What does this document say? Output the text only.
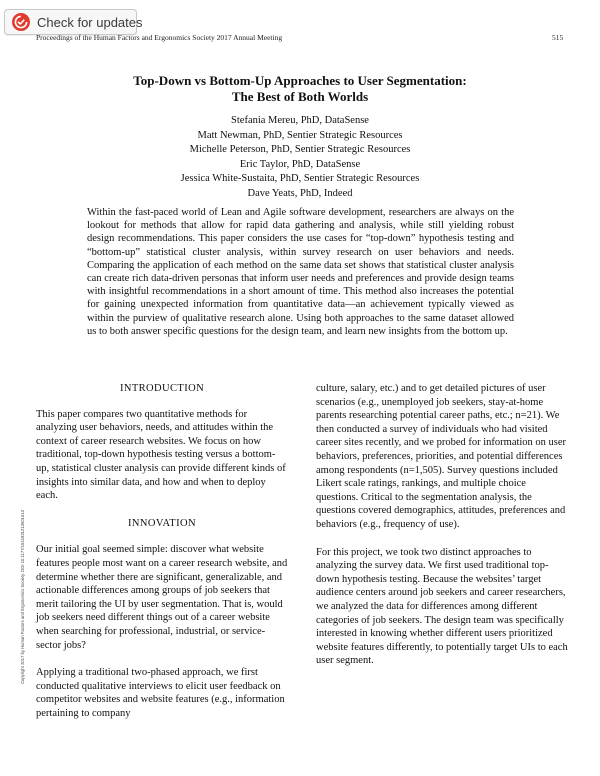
Check for updates
Proceedings of the Human Factors and Ergonomics Society 2017 Annual Meeting	515
Top-Down vs Bottom-Up Approaches to User Segmentation:
The Best of Both Worlds
Stefania Mereu, PhD, DataSense
Matt Newman, PhD, Sentier Strategic Resources
Michelle Peterson, PhD, Sentier Strategic Resources
Eric Taylor, PhD, DataSense
Jessica White-Sustaita, PhD, Sentier Strategic Resources
Dave Yeats, PhD, Indeed
Within the fast-paced world of Lean and Agile software development, researchers are always on the lookout for methods that allow for rapid data gathering and analysis, while still yielding robust design recommendations. This paper considers the use cases for “top-down” hypothesis testing and “bottom-up” statistical cluster analysis, within survey research on user behaviors and needs. Comparing the application of each method on the same data set shows that statistical cluster analysis can create rich data-driven personas that inform user needs and preferences and provide design teams with insightful recommendations in a short amount of time. This method also increases the potential for gaining unexpected information from quantitative data—an achievement typically viewed as within the purview of qualitative research alone. Using both approaches to the same dataset allowed us to both answer specific questions for the design team, and learn new insights from the bottom up.
INTRODUCTION
This paper compares two quantitative methods for analyzing user behaviors, needs, and attitudes within the context of career research websites. We focus on how traditional, top-down hypothesis testing versus a bottom-up, statistical cluster analysis can provide different kinds of insights into similar data, and how and when to deploy each.
INNOVATION
Our initial goal seemed simple: discover what website features people most want on a career research website, and determine whether there are significant, generalizable, and actionable differences among groups of job seekers that merit tailoring the UI by user segmentation. That is, would job seekers need different things out of a career website when searching for professional, industrial, or service-sector jobs?
Applying a traditional two-phased approach, we first conducted qualitative interviews to elicit user feedback on competitor websites and website features (e.g., information pertaining to company
culture, salary, etc.) and to get detailed pictures of user scenarios (e.g., unemployed job seekers, stay-at-home parents researching potential career paths, etc.; n=21). We then conducted a survey of individuals who had visited career sites recently, and we probed for information on user behaviors, preferences, priorities, and potential differences among respondents (n=1,505). Survey questions included Likert scale ratings, rankings, and multiple choice questions. Critical to the segmentation analysis, the questions covered demographics, attitudes, preferences and behaviors (e.g., frequency of use).
For this project, we took two distinct approaches to analyzing the survey data. We first used traditional top-down hypothesis testing. Because the websites’ target audience centers around job seekers and career researchers, we analyzed the data for differences among different categories of job seekers. The design team was specifically interested in knowing whether different users prioritized website features differently, to potentially target UIs to each user segment.
Copyright 2017 by Human Factors and Ergonomics Society. DOI 10.1177/1541931213601613
